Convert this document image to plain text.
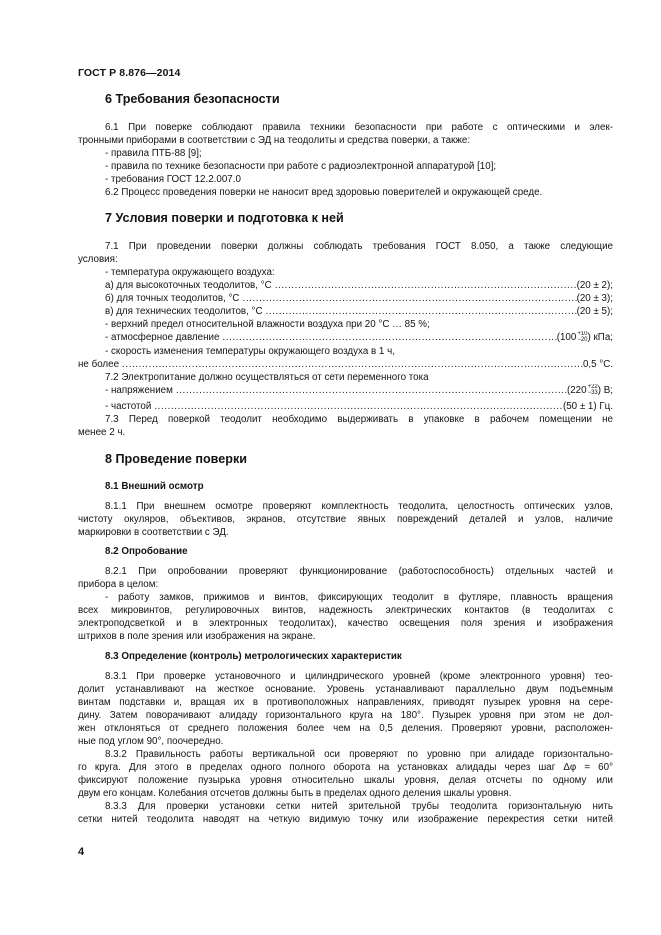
ГОСТ Р 8.876—2014
6 Требования безопасности
6.1 При поверке соблюдают правила техники безопасности при работе с оптическими и элек-
тронными приборами в соответствии с ЭД на теодолиты и средства поверки, а также:
- правила ПТБ-88 [9];
- правила по технике безопасности при работе с радиоэлектронной аппаратурой [10];
- требования ГОСТ 12.2.007.0
6.2 Процесс проведения поверки не наносит вред здоровью поверителей и окружающей среде.
7 Условия поверки и подготовка к ней
7.1 При проведении поверки должны соблюдать требования ГОСТ 8.050, а также следующие
условия:
- температура окружающего воздуха:
а) для высокоточных теодолитов, °С .....	(20 ± 2);
б) для точных теодолитов, °С .....	(20 ± 3);
в) для технических теодолитов, °С .....	(20 ± 5);
- верхний предел относительной влажности воздуха при 20 °С … 85 %;
- атмосферное давление .....	(100+10
−20) кПа;
- скорость изменения температуры окружающего воздуха в 1 ч,
не более .....	0,5 °С.
7.2 Электропитание должно осуществляться от сети переменного тока
- напряжением .....	(220+22
−33) В;
- частотой .....	(50 ± 1) Гц.
7.3 Перед поверкой теодолит необходимо выдерживать в упаковке в рабочем помещении не
менее 2 ч.
8 Проведение поверки
8.1 Внешний осмотр
8.1.1 При внешнем осмотре проверяют комплектность теодолита, целостность оптических узлов,
чистоту окуляров, объективов, экранов, отсутствие явных повреждений деталей и узлов, наличие
маркировки в соответствии с ЭД.
8.2 Опробование
8.2.1 При опробовании проверяют функционирование (работоспособность) отдельных частей и
прибора в целом:
- работу замков, прижимов и винтов, фиксирующих теодолит в футляре, плавность вращения
всех микровинтов, регулировочных винтов, надежность электрических контактов (в теодолитах с
электроподсветкой и в электронных теодолитах), качество освещения поля зрения и изображения
штрихов в поле зрения или изображения на экране.
8.3 Определение (контроль) метрологических характеристик
8.3.1 При проверке установочного и цилиндрического уровней (кроме электронного уровня) тео-
долит устанавливают на жесткое основание. Уровень устанавливают параллельно двум подъемным
винтам подставки и, вращая их в противоположных направлениях, приводят пузырек уровня на сере-
дину. Затем поворачивают алидаду горизонтального круга на 180°. Пузырек уровня при этом не дол-
жен отклоняться от среднего положения более чем на 0,5 деления. Проверяют уровни, расположен-
ные под углом 90°, поочередно.
8.3.2 Правильность работы вертикальной оси проверяют по уровню при алидаде горизонтально-
го круга. Для этого в пределах одного полного оборота на установках алидады через шаг Δφ = 60°
фиксируют положение пузырька уровня относительно шкалы уровня, делая отсчеты по одному или
двум его концам. Колебания отсчетов должны быть в пределах одного деления шкалы уровня.
8.3.3 Для проверки установки сетки нитей зрительной трубы теодолита горизонтальную нить
сетки нитей теодолита наводят на четкую видимую точку или изображение перекрестия сетки нитей
4
